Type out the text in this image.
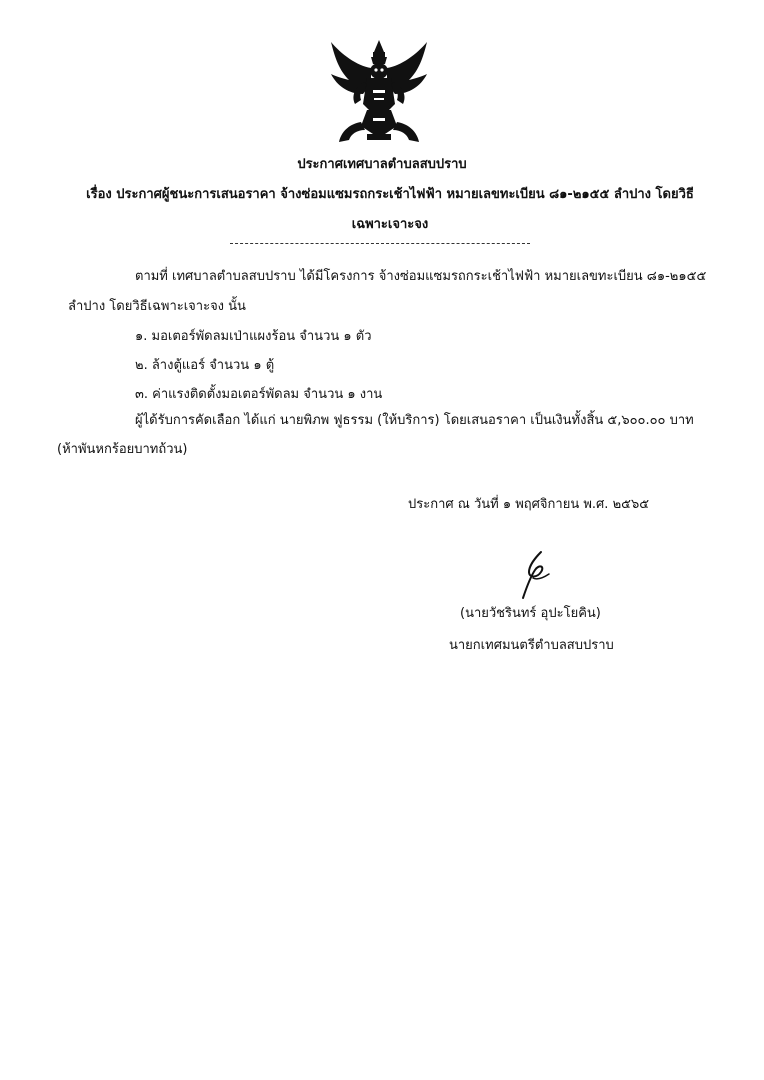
ประกาศเทศบาลตำบลสบปราบ
เรื่อง ประกาศผู้ชนะการเสนอราคา จ้างซ่อมแซมรถกระเช้าไฟฟ้า หมายเลขทะเบียน ๘๑-๒๑๕๕ ลำปาง โดยวิธี
เฉพาะเจาะจง
ตามที่ เทศบาลตำบลสบปราบ ได้มีโครงการ จ้างซ่อมแซมรถกระเช้าไฟฟ้า หมายเลขทะเบียน ๘๑-๒๑๕๕
ลำปาง โดยวิธีเฉพาะเจาะจง นั้น
๑. มอเตอร์พัดลมเป่าแผงร้อน จำนวน ๑ ตัว
๒. ล้างตู้แอร์ จำนวน ๑ ตู้
๓. ค่าแรงติดตั้งมอเตอร์พัดลม จำนวน ๑ งาน
ผู้ได้รับการคัดเลือก ได้แก่ นายพิภพ ฟูธรรม (ให้บริการ) โดยเสนอราคา เป็นเงินทั้งสิ้น ๕,๖๐๐.๐๐ บาท
(ห้าพันหกร้อยบาทถ้วน)
ประกาศ ณ วันที่ ๑ พฤศจิกายน พ.ศ. ๒๕๖๕
(นายวัชรินทร์ อุปะโยคิน)
นายกเทศมนตรีตำบลสบปราบ
